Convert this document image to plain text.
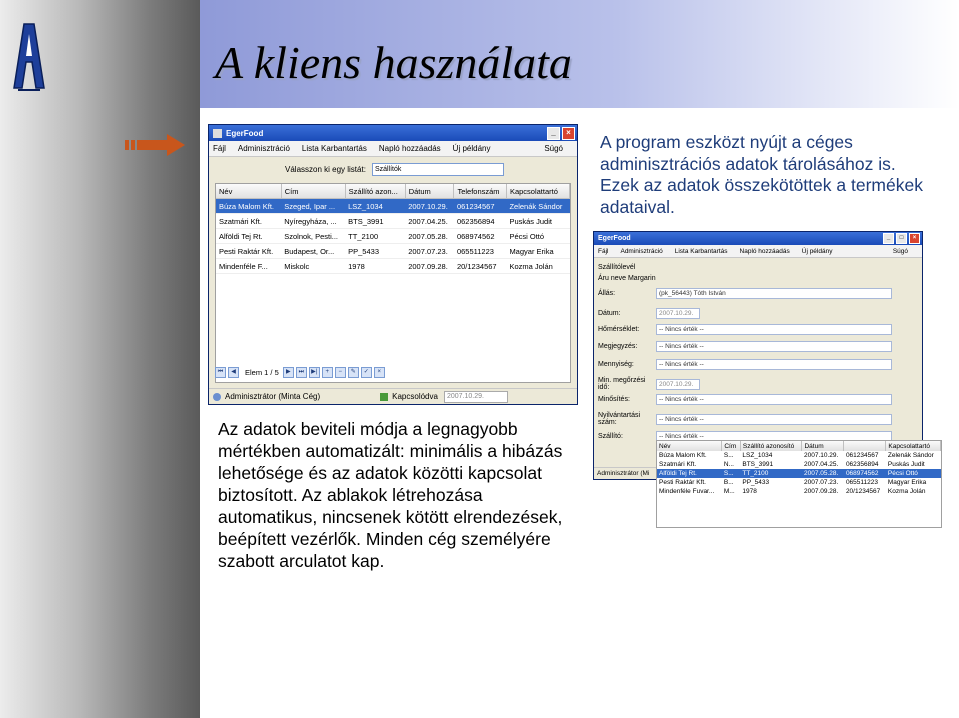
A kliens használata
A program eszközt nyújt a céges adminisztrációs adatok tárolásához is. Ezek az adatok összekötöttek a termékek adataival.
Az adatok beviteli módja a legnagyobb mértékben automatizált: minimális a hibázás lehetősége és az adatok közötti kapcsolat biztosított. Az ablakok létrehozása automatikus, nincsenek kötött elrendezések, beépített vezérlők. Minden cég személyére szabott arculatot kap.
EgerFood	_	×
Fájl Adminisztráció Lista Karbantartás Napló hozzáadás Új példány	Súgó
Válasszon ki egy listát:	Szállítók
Név	Cím	Szállító azon...	Dátum	Telefonszám	Kapcsolattartó
Búza Malom Kft.	Szeged, Ipar ...	LSZ_1034	2007.10.29.	061234567	Zelenák Sándor
Szatmári Kft.	Nyíregyháza, ...	BTS_3991	2007.04.25.	062356894	Puskás Judit
Alföldi Tej Rt.	Szolnok, Pesti...	TT_2100	2007.05.28.	068974562	Pécsi Ottó
Pesti Raktár Kft.	Budapest, Or...	PP_5433	2007.07.23.	065511223	Magyar Erika
Mindenféle F...	Miskolc	1978	2007.09.28.	20/1234567	Kozma Jolán
⏮	◀	Elem 1 / 5	▶	⏭	▶|	+	−	✎	✓	×
Adminisztrátor (Minta Cég)	Kapcsolódva	2007.10.29.
EgerFood	_	□	×
Fájl Adminisztráció Lista Karbantartás Napló hozzáadás Új példány	Súgó
Szállítólevél
Áru neve Margarin
Állás:	(pk_56443) Tóth István
Dátum:	2007.10.29.
Hőmérséklet:	-- Nincs érték --
Megjegyzés:	-- Nincs érték --
Mennyiség:	-- Nincs érték --
Min. megőrzési idő:	2007.10.29.
Minősítés:	-- Nincs érték --
Nyilvántartási szám:	-- Nincs érték --
Szállító:	-- Nincs érték --
Adminisztrátor (Mi
Név	Cím	Szállító azonosító	Dátum		Kapcsolattartó
Búza Malom Kft.	S...	LSZ_1034	2007.10.29.	061234567	Zelenák Sándor
Szatmári Kft.	N...	BTS_3991	2007.04.25.	062356894	Puskás Judit
Alföldi Tej Rt.	S...	TT_2100	2007.05.28.	068974562	Pécsi Ottó
Pesti Raktár Kft.	B...	PP_5433	2007.07.23.	065511223	Magyar Erika
Mindenféle Fuvar...	M...	1978	2007.09.28.	20/1234567	Kozma Jolán
